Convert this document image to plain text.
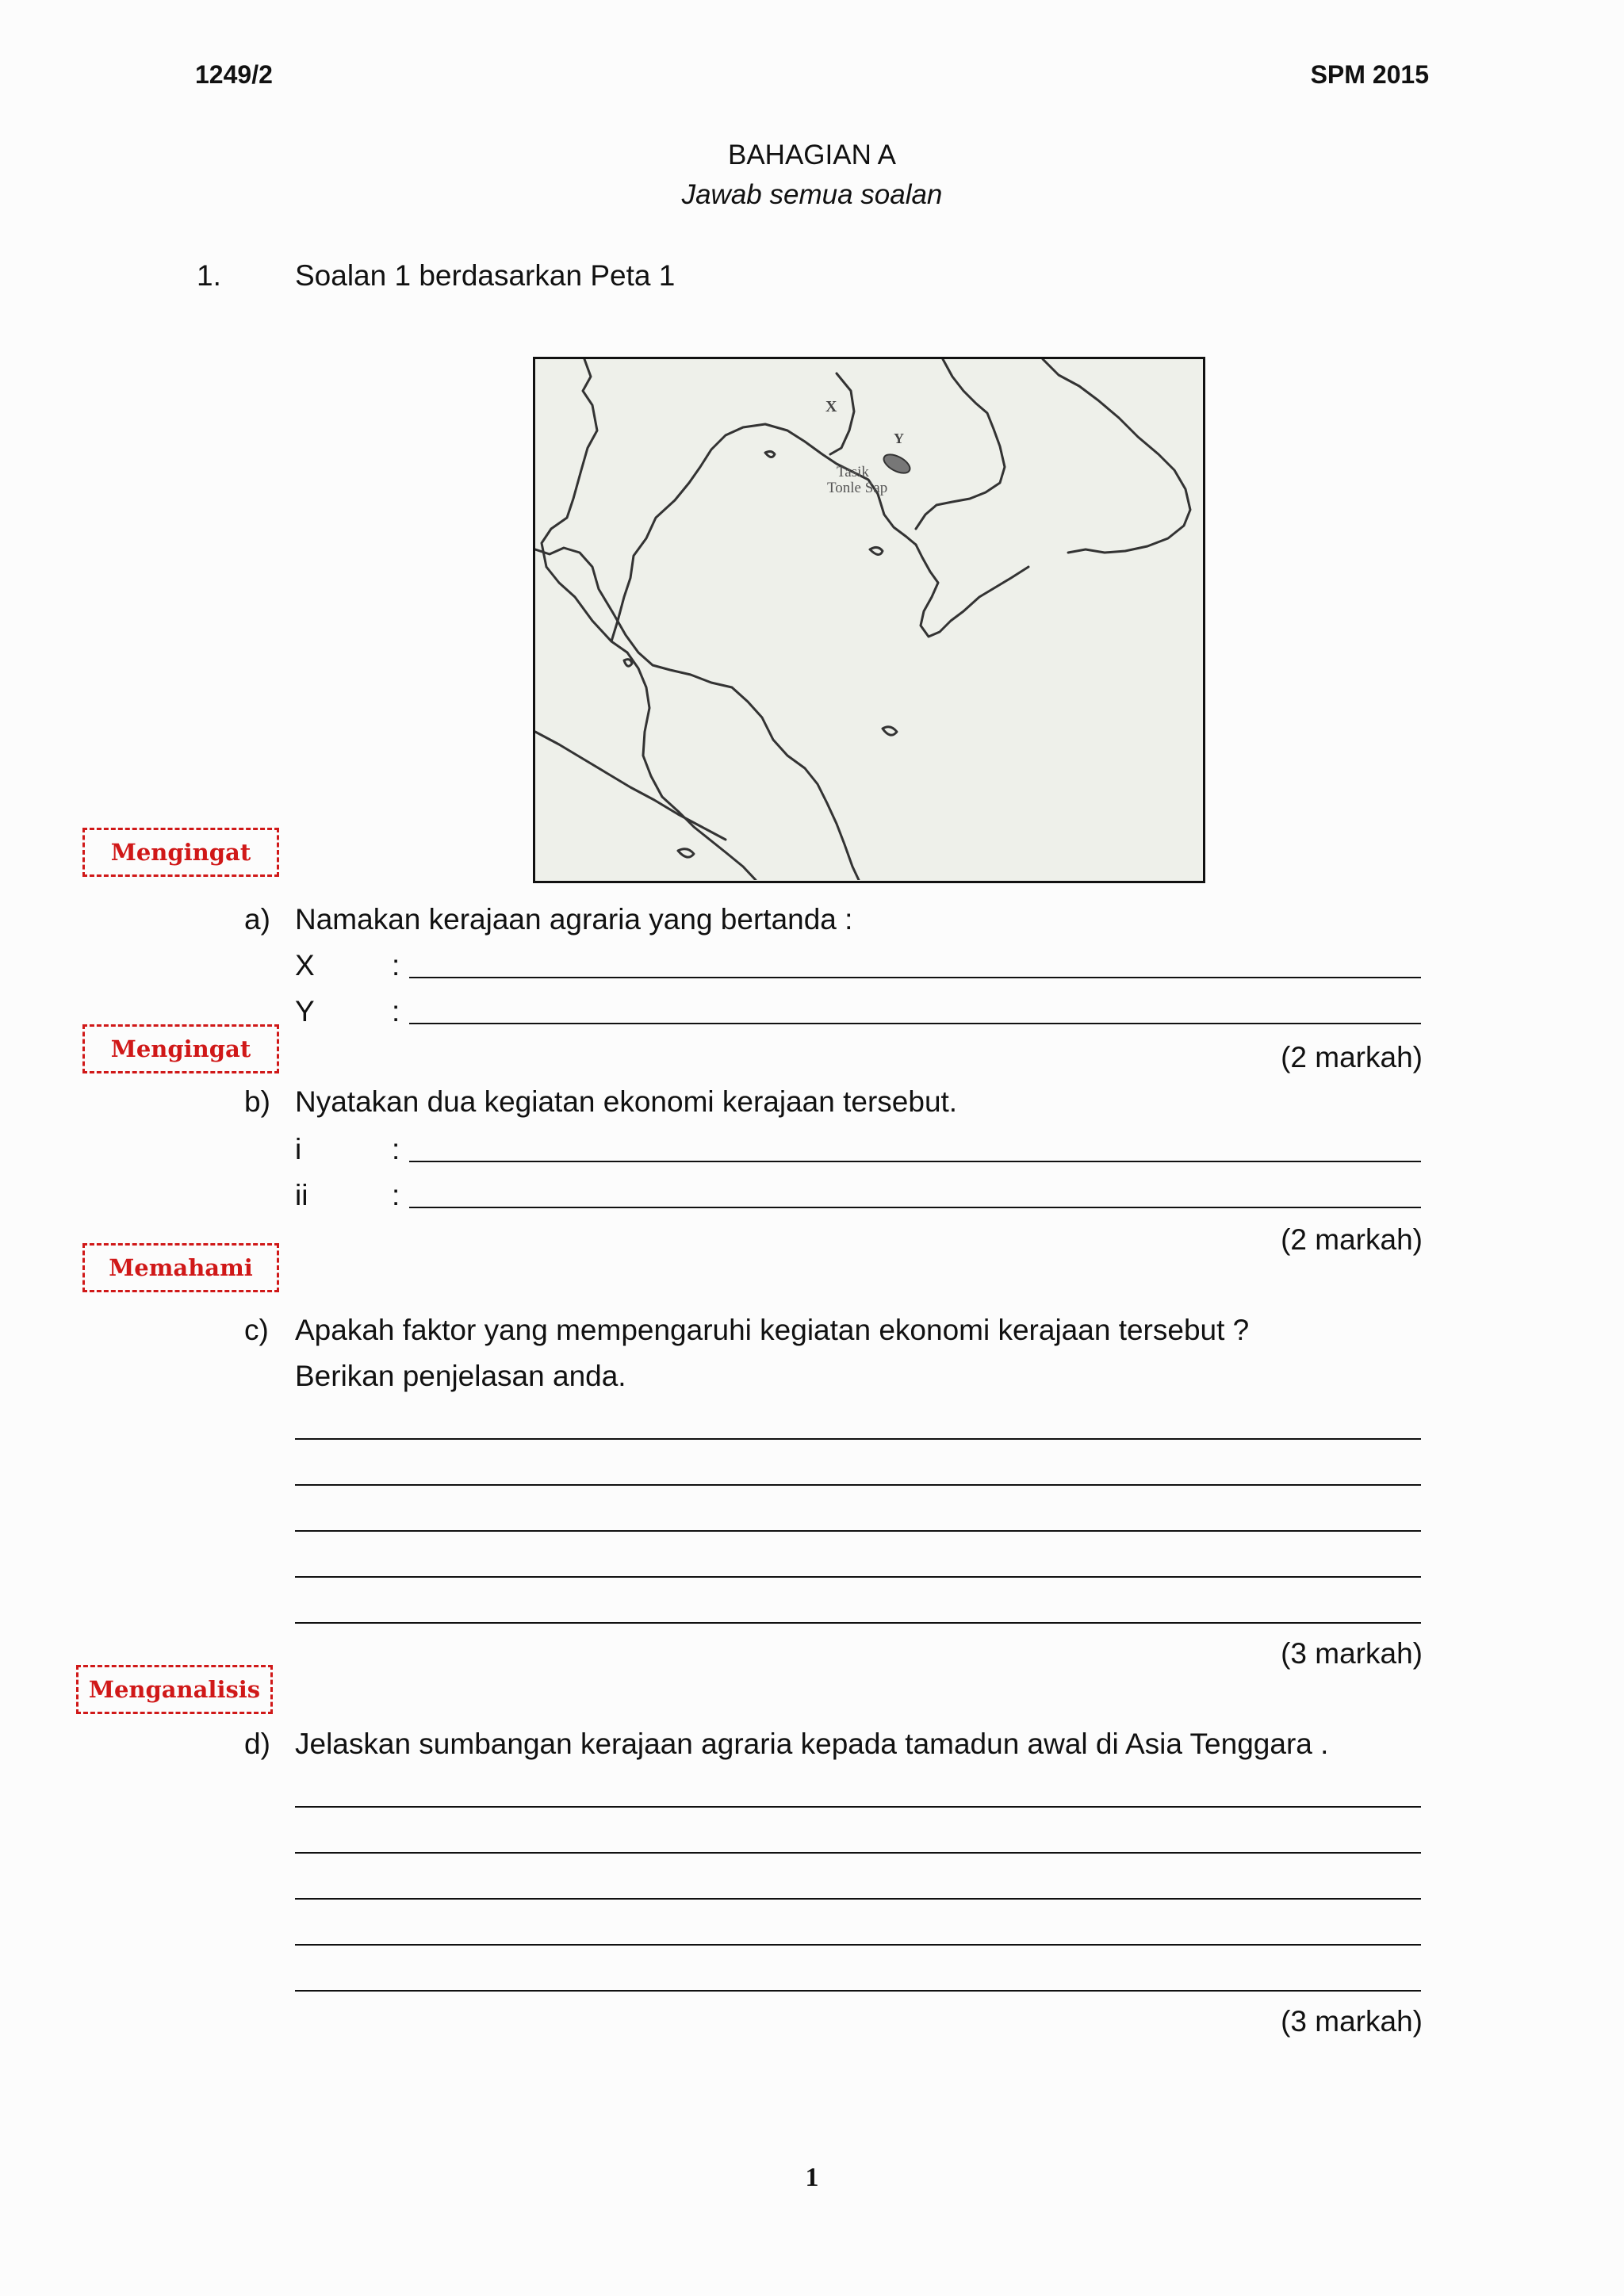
1249/2	SPM 2015
BAHAGIAN A
Jawab semua soalan
1.	Soalan 1 berdasarkan Peta 1
X
Y
Tasik
Tonle Sap
Mengingat
a) Namakan kerajaan agraria yang bertanda :
X	:
Y	:
Mengingat	(2 markah)
b) Nyatakan dua kegiatan ekonomi kerajaan tersebut.
i	:
ii	:
(2 markah)
Memahami
c) Apakah faktor yang mempengaruhi kegiatan ekonomi kerajaan tersebut ?
Berikan penjelasan anda.
(3 markah)
Menganalisis
d) Jelaskan sumbangan kerajaan agraria kepada tamadun awal di Asia Tenggara .
(3 markah)
1
